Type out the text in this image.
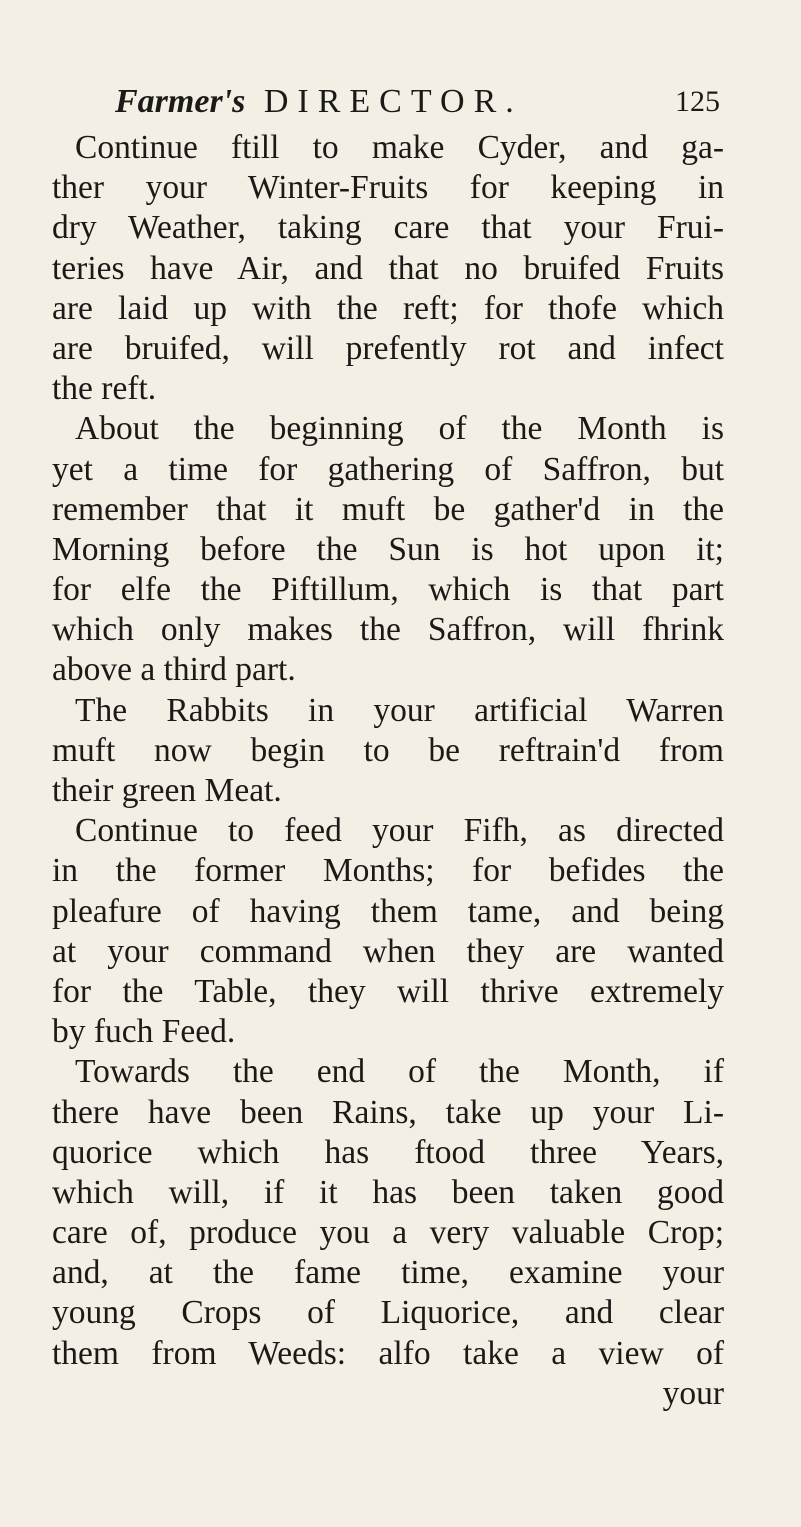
Farmer's DIRECTOR.	125
Continue ftill to make Cyder, and ga-
ther your Winter-Fruits for keeping in
dry Weather, taking care that your Frui-
teries have Air, and that no bruifed Fruits
are laid up with the reft; for thofe which
are bruifed, will prefently rot and infect
the reft.
About the beginning of the Month is
yet a time for gathering of Saffron, but
remember that it muft be gather'd in the
Morning before the Sun is hot upon it;
for elfe the Piftillum, which is that part
which only makes the Saffron, will fhrink
above a third part.
The Rabbits in your artificial Warren
muft now begin to be reftrain'd from
their green Meat.
Continue to feed your Fifh, as directed
in the former Months; for befides the
pleafure of having them tame, and being
at your command when they are wanted
for the Table, they will thrive extremely
by fuch Feed.
Towards the end of the Month, if
there have been Rains, take up your Li-
quorice which has ftood three Years,
which will, if it has been taken good
care of, produce you a very valuable Crop;
and, at the fame time, examine your
young Crops of Liquorice, and clear
them from Weeds: alfo take a view of
your
